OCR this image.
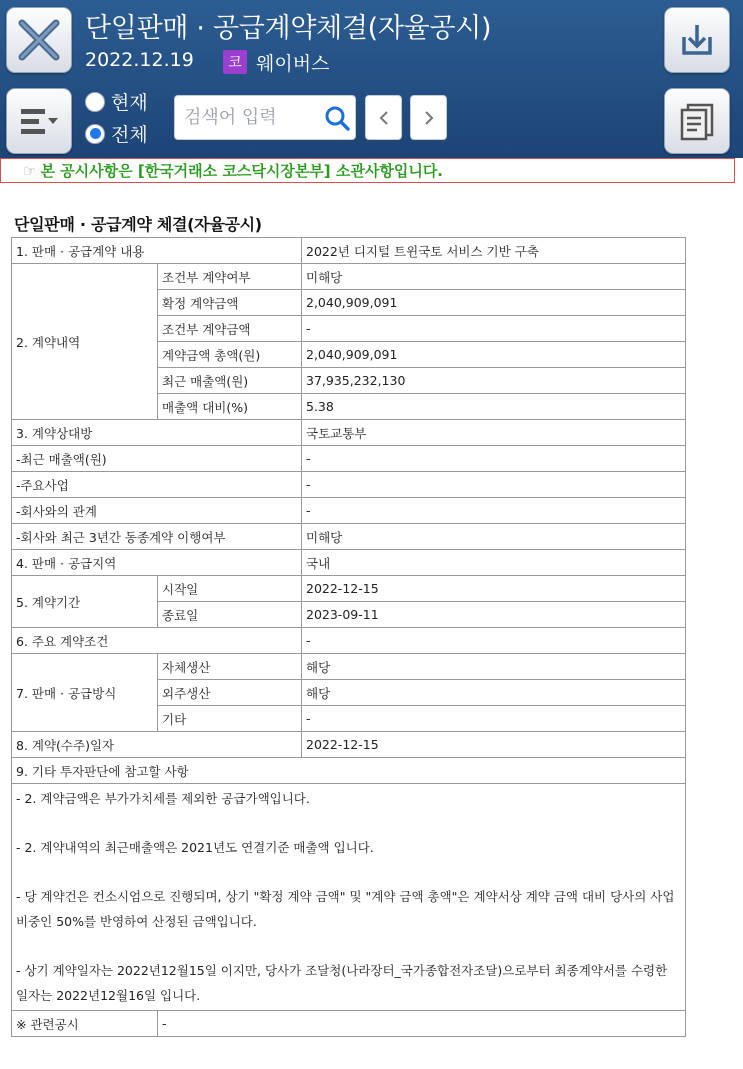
단일판매 · 공급계약체결(자율공시)
2022.12.19	코 웨이버스
현재
전체
검색어 입력
☞ 본 공시사항은 [한국거래소 코스닥시장본부] 소관사항입니다.
단일판매 · 공급계약 체결(자율공시)
1. 판매 · 공급계약 내용		2022년 디지털 트윈국토 서비스 기반 구축
2. 계약내역	조건부 계약여부	미해당
	확정 계약금액	2,040,909,091
	조건부 계약금액	-
	계약금액 총액(원)	2,040,909,091
	최근 매출액(원)	37,935,232,130
	매출액 대비(%)	5.38
3. 계약상대방		국토교통부
-최근 매출액(원)		-
-주요사업		-
-회사와의 관계		-
-회사와 최근 3년간 동종계약 이행여부		미해당
4. 판매 · 공급지역		국내
5. 계약기간	시작일	2022-12-15
	종료일	2023-09-11
6. 주요 계약조건		-
7. 판매 · 공급방식	자체생산	해당
	외주생산	해당
	기타	-
8. 계약(수주)일자		2022-12-15
9. 기타 투자판단에 참고할 사항		

- 2. 계약금액은 부가가치세를 제외한 공급가액입니다.

- 2. 계약내역의 최근매출액은 2021년도 연결기준 매출액 입니다.

- 당 계약건은 컨소시엄으로 진행되며, 상기 "확정 계약 금액" 및 "계약 금액 총액"은 계약서상 계약 금액 대비 당사의 사업비중인 50%를 반영하여 산정된 금액입니다.

- 상기 계약일자는 2022년12월15일 이지만, 당사가 조달청(나라장터_국가종합전자조달)으로부터 최종계약서를 수령한 일자는 2022년12월16일 입니다.		

※ 관련공시	-	
